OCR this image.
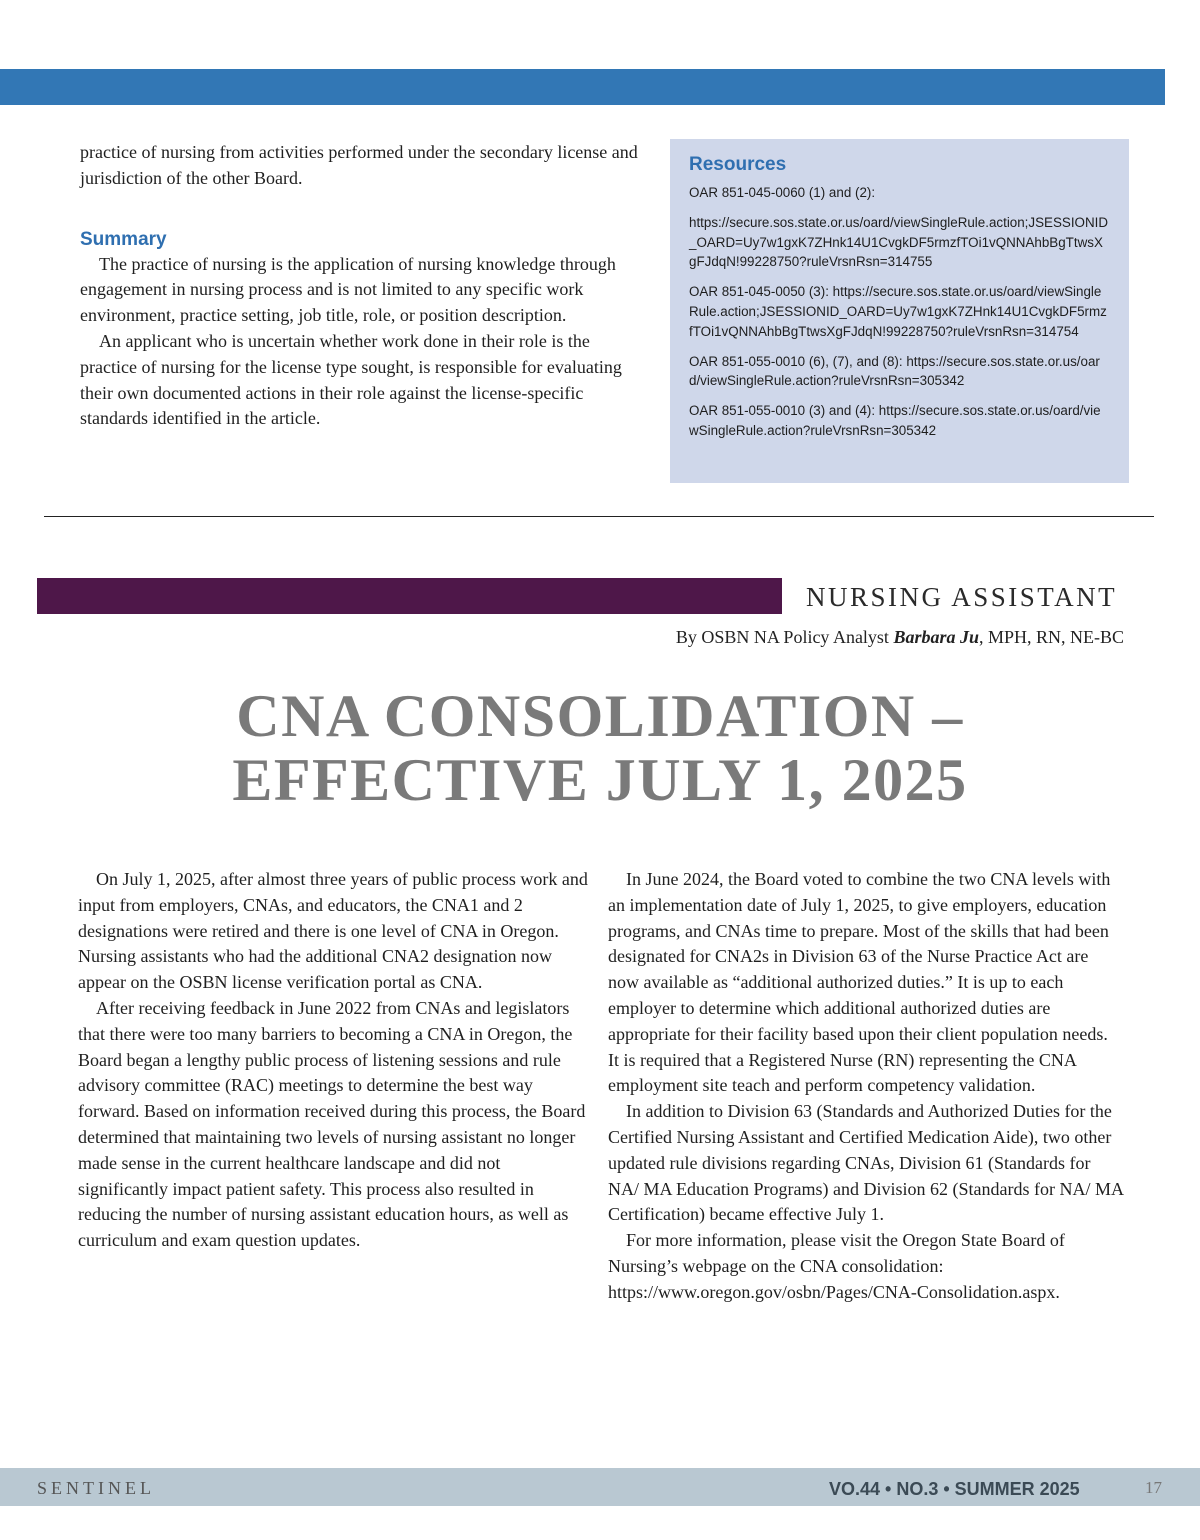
practice of nursing from activities performed under the secondary license and jurisdiction of the other Board.

Summary

The practice of nursing is the application of nursing knowledge through engagement in nursing process and is not limited to any specific work environment, practice setting, job title, role, or position description.

An applicant who is uncertain whether work done in their role is the practice of nursing for the license type sought, is responsible for evaluating their own documented actions in their role against the license-specific standards identified in the article.

Resources

OAR 851-045-0060 (1) and (2):

https://secure.sos.state.or.us/oard/viewSingleRule.action;JSESSIONID_OARD=Uy7w1gxK7ZHnk14U1CvgkDF5rmzfTOi1vQNNAhbBgTtwsXgFJdqN!99228750?ruleVrsnRsn=314755

OAR 851-045-0050 (3): https://secure.sos.state.or.us/oard/viewSingleRule.action;JSESSIONID_OARD=Uy7w1gxK7ZHnk14U1CvgkDF5rmzfTOi1vQNNAhbBgTtwsXgFJdqN!99228750?ruleVrsnRsn=314754

OAR 851-055-0010 (6), (7), and (8): https://secure.sos.state.or.us/oard/viewSingleRule.action?ruleVrsnRsn=305342

OAR 851-055-0010 (3) and (4): https://secure.sos.state.or.us/oard/viewSingleRule.action?ruleVrsnRsn=305342

NURSING ASSISTANT
By OSBN NA Policy Analyst Barbara Ju, MPH, RN, NE-BC
CNA CONSOLIDATION –
EFFECTIVE JULY 1, 2025

On July 1, 2025, after almost three years of public process work and input from employers, CNAs, and educators, the CNA1 and 2 designations were retired and there is one level of CNA in Oregon. Nursing assistants who had the additional CNA2 designation now appear on the OSBN license verification portal as CNA.

After receiving feedback in June 2022 from CNAs and legislators that there were too many barriers to becoming a CNA in Oregon, the Board began a lengthy public process of listening sessions and rule advisory committee (RAC) meetings to determine the best way forward. Based on information received during this process, the Board determined that maintaining two levels of nursing assistant no longer made sense in the current healthcare landscape and did not significantly impact patient safety. This process also resulted in reducing the number of nursing assistant education hours, as well as curriculum and exam question updates.

In June 2024, the Board voted to combine the two CNA levels with an implementation date of July 1, 2025, to give employers, education programs, and CNAs time to prepare. Most of the skills that had been designated for CNA2s in Division 63 of the Nurse Practice Act are now available as “additional authorized duties.” It is up to each employer to determine which additional authorized duties are appropriate for their facility based upon their client population needs. It is required that a Registered Nurse (RN) representing the CNA employment site teach and perform competency validation.

In addition to Division 63 (Standards and Authorized Duties for the Certified Nursing Assistant and Certified Medication Aide), two other updated rule divisions regarding CNAs, Division 61 (Standards for NA/ MA Education Programs) and Division 62 (Standards for NA/ MA Certification) became effective July 1.

For more information, please visit the Oregon State Board of Nursing’s webpage on the CNA consolidation: https://www.oregon.gov/osbn/Pages/CNA-Consolidation.aspx.

SENTINEL	VO.44 • NO.3 • SUMMER 2025	17
